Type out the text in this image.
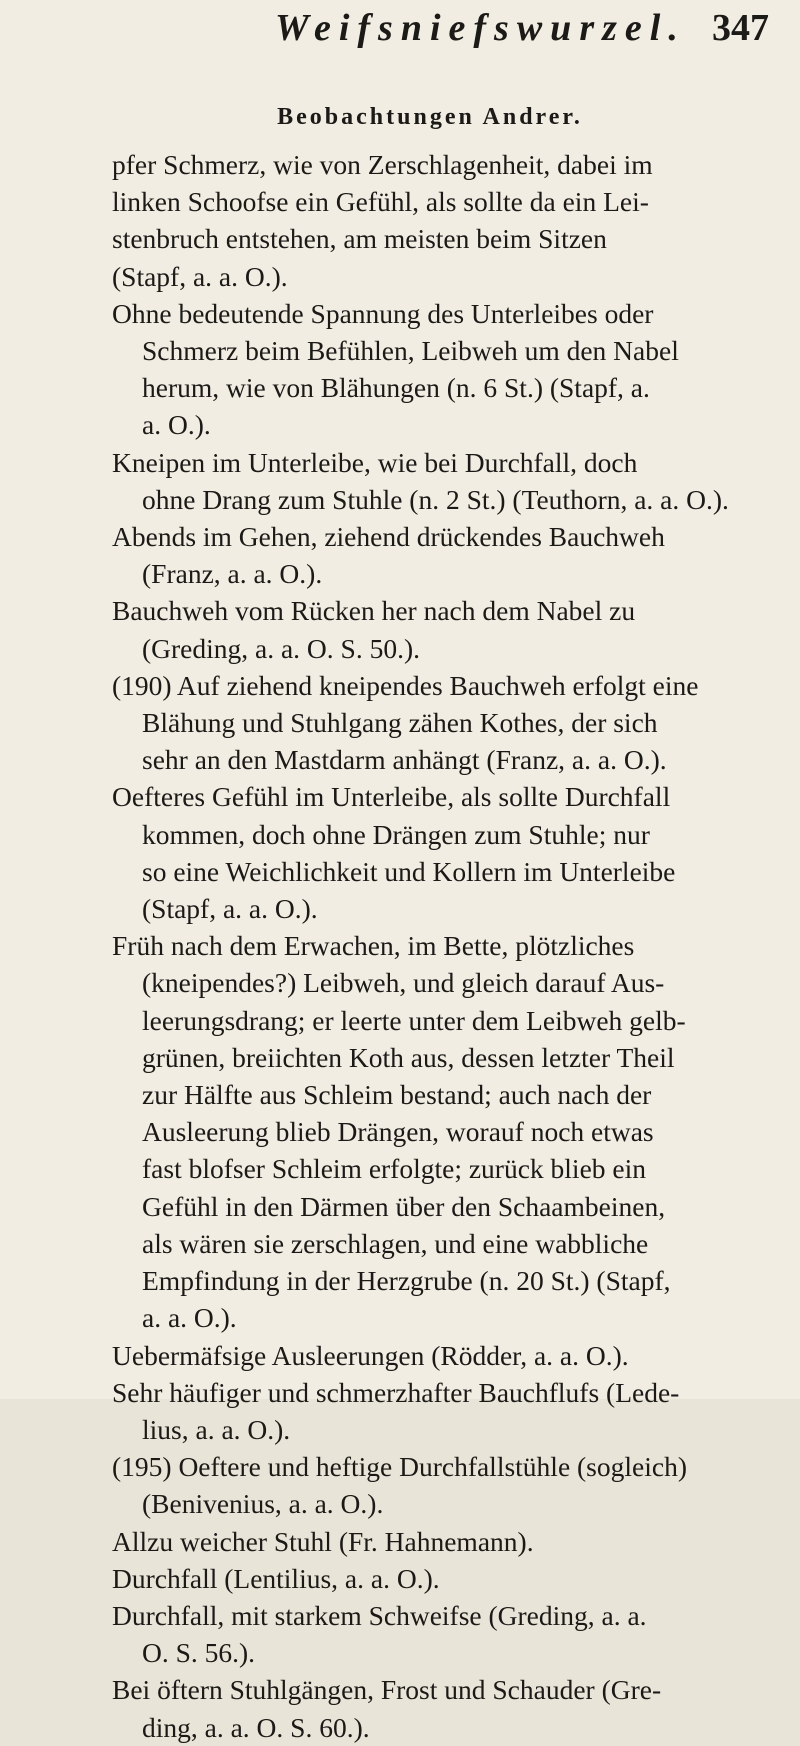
Weifsniefswurzel. 347
Beobachtungen Andrer.

pfer Schmerz, wie von Zerschlagenheit, dabei im
linken Schoofse ein Gefühl, als sollte da ein Lei-
stenbruch entstehen, am meisten beim Sitzen
(Stapf, a. a. O.).

Ohne bedeutende Spannung des Unterleibes oder
Schmerz beim Befühlen, Leibweh um den Nabel
herum, wie von Blähungen (n. 6 St.) (Stapf, a.
a. O.).

Kneipen im Unterleibe, wie bei Durchfall, doch
ohne Drang zum Stuhle (n. 2 St.) (Teuthorn, a. a. O.).

Abends im Gehen, ziehend drückendes Bauchweh
(Franz, a. a. O.).

Bauchweh vom Rücken her nach dem Nabel zu
(Greding, a. a. O. S. 50.).

(190) Auf ziehend kneipendes Bauchweh erfolgt eine
Blähung und Stuhlgang zähen Kothes, der sich
sehr an den Mastdarm anhängt (Franz, a. a. O.).

Oefteres Gefühl im Unterleibe, als sollte Durchfall
kommen, doch ohne Drängen zum Stuhle; nur
so eine Weichlichkeit und Kollern im Unterleibe
(Stapf, a. a. O.).

Früh nach dem Erwachen, im Bette, plötzliches
(kneipendes?) Leibweh, und gleich darauf Aus-
leerungsdrang; er leerte unter dem Leibweh gelb-
grünen, breiichten Koth aus, dessen letzter Theil
zur Hälfte aus Schleim bestand; auch nach der
Ausleerung blieb Drängen, worauf noch etwas
fast blofser Schleim erfolgte; zurück blieb ein
Gefühl in den Därmen über den Schaambeinen,
als wären sie zerschlagen, und eine wabbliche
Empfindung in der Herzgrube (n. 20 St.) (Stapf,
a. a. O.).

Uebermäfsige Ausleerungen (Rödder, a. a. O.).

Sehr häufiger und schmerzhafter Bauchflufs (Lede-
lius, a. a. O.).

(195) Oeftere und heftige Durchfallstühle (sogleich)
(Benivenius, a. a. O.).

Allzu weicher Stuhl (Fr. Hahnemann).

Durchfall (Lentilius, a. a. O.).

Durchfall, mit starkem Schweifse (Greding, a. a.
O. S. 56.).

Bei öftern Stuhlgängen, Frost und Schauder (Gre-
ding, a. a. O. S. 60.).
